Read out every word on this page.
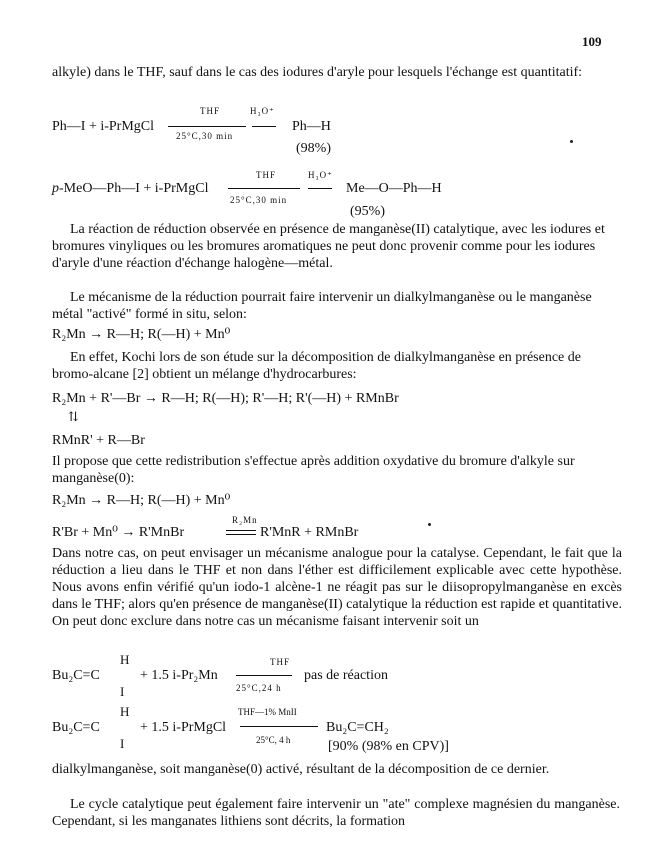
109
alkyle) dans le THF, sauf dans le cas des iodures d'aryle pour lesquels l'échange est quantitatif:
Ph—I + i-PrMgCl
THF
25°C,30 min
H₃O⁺
Ph—H
(98%)
p-MeO—Ph—I + i-PrMgCl
THF
25°C,30 min
H₃O⁺
Me—O—Ph—H
(95%)
La réaction de réduction observée en présence de manganèse(II) catalytique, avec les iodures et bromures vinyliques ou les bromures aromatiques ne peut donc provenir comme pour les iodures d'aryle d'une réaction d'échange halogène—métal.
Le mécanisme de la réduction pourrait faire intervenir un dialkylmanganèse ou le manganèse métal "activé" formé in situ, selon:
R₂Mn → R—H; R(—H) + Mn⁰
En effet, Kochi lors de son étude sur la décomposition de dialkylmanganèse en présence de bromo-alcane [2] obtient un mélange d'hydrocarbures:
R₂Mn + R'—Br → R—H; R(—H); R'—H; R'(—H) + RMnBr
⇅
RMnR' + R—Br
Il propose que cette redistribution s'effectue après addition oxydative du bromure d'alkyle sur manganèse(0):
R₂Mn → R—H; R(—H) + Mn⁰
R'Br + Mn⁰ → R'MnBr
R₂Mn
R'MnR + RMnBr
Dans notre cas, on peut envisager un mécanisme analogue pour la catalyse. Cependant, le fait que la réduction a lieu dans le THF et non dans l'éther est difficilement explicable avec cette hypothèse. Nous avons enfin vérifié qu'un iodo-1 alcène-1 ne réagit pas sur le diisopropylmanganèse en excès dans le THF; alors qu'en présence de manganèse(II) catalytique la réduction est rapide et quantitative. On peut donc exclure dans notre cas un mécanisme faisant intervenir soit un
Bu₂C=C
H
I
+ 1.5 i-Pr₂Mn
THF
25°C,24 h
pas de réaction
Bu₂C=C
H
I
+ 1.5 i-PrMgCl
THF—1% MnII
25°C, 4 h
Bu₂C=CH₂
[90% (98% en CPV)]
dialkylmanganèse, soit manganèse(0) activé, résultant de la décomposition de ce dernier.
Le cycle catalytique peut également faire intervenir un "ate" complexe magnésien du manganèse. Cependant, si les manganates lithiens sont décrits, la formation
